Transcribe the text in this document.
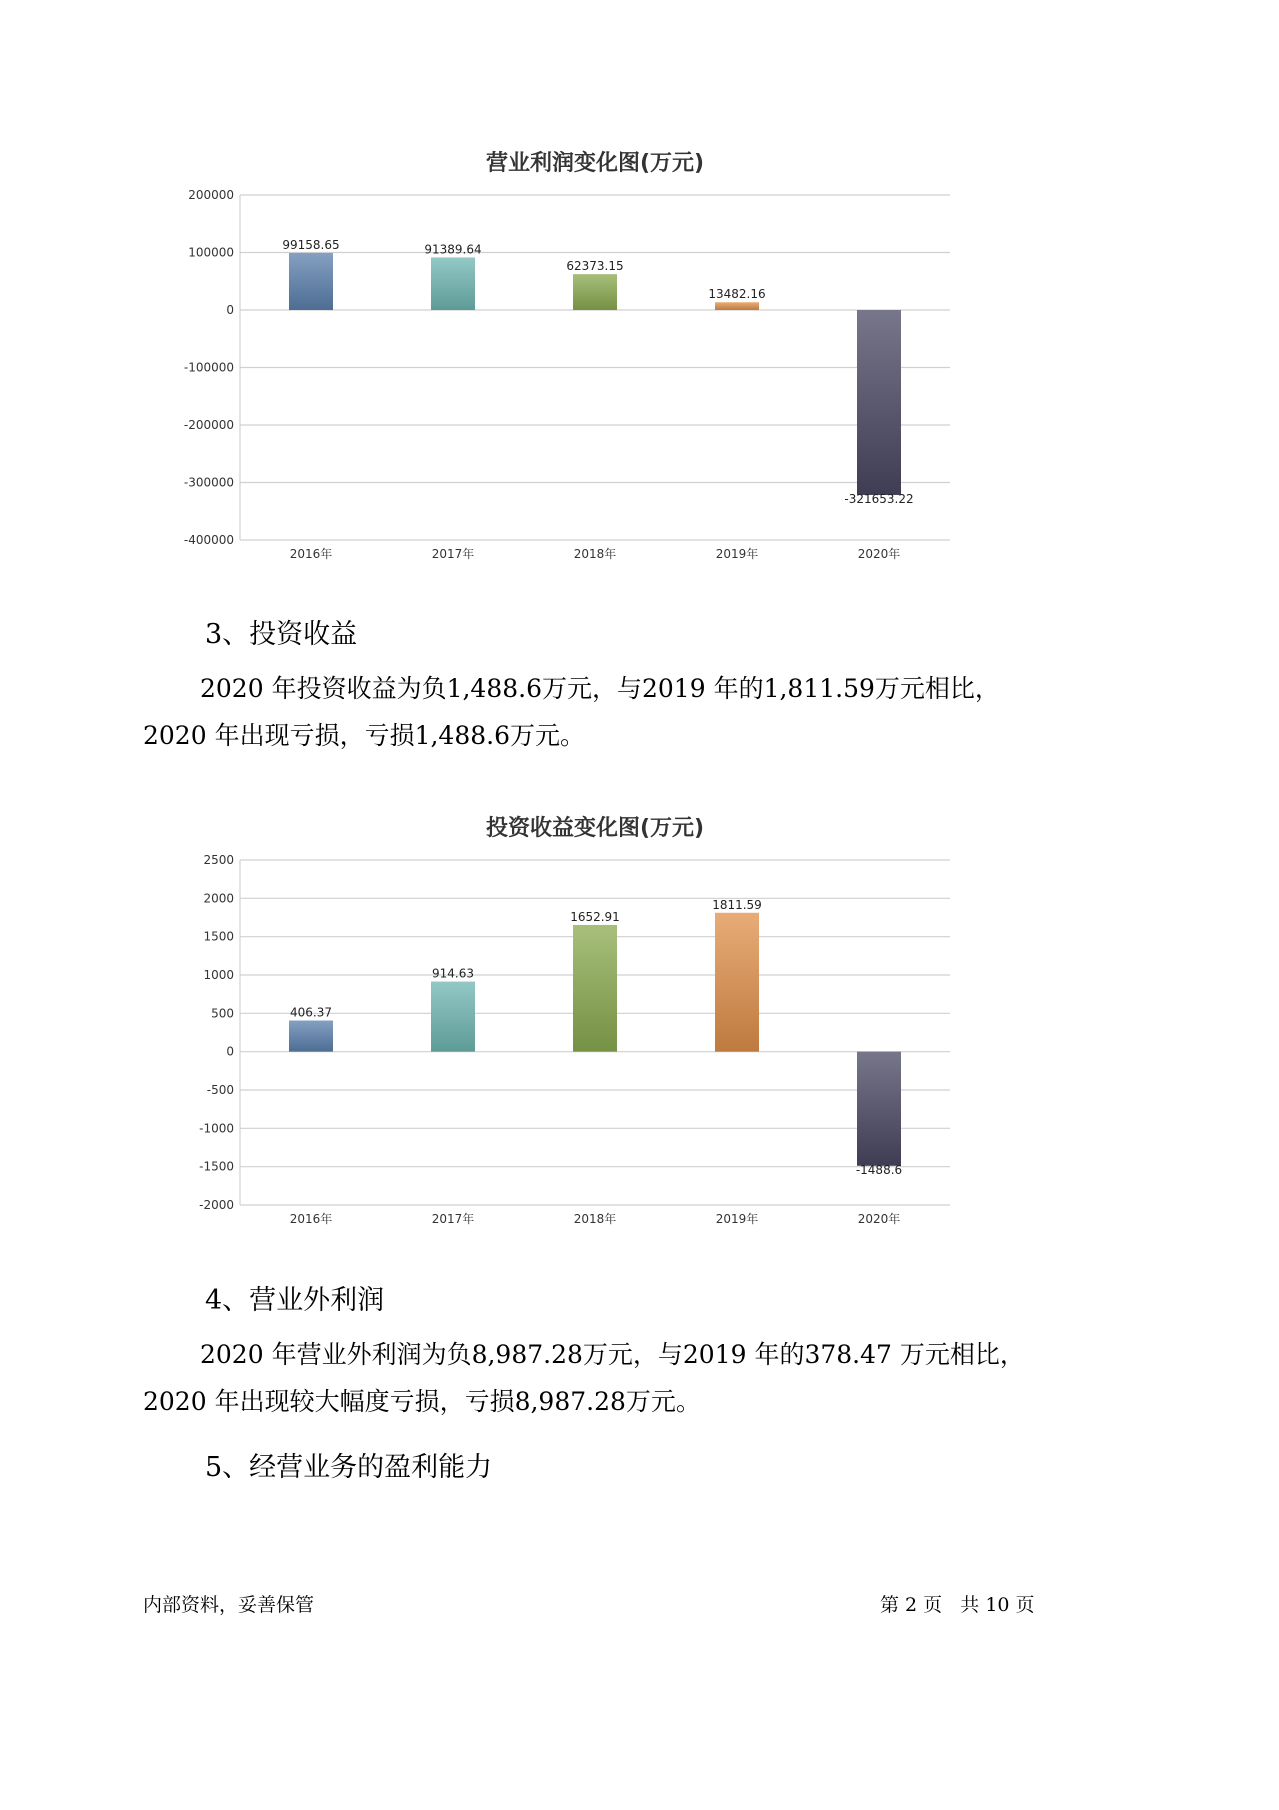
营业利润变化图(万元)
200000
100000
0
-100000
-200000
-300000
-400000
99158.65
2016年
91389.64
2017年
62373.15
2018年
13482.16
2019年
-321653.22
2020年
3、投资收益

2020 年投资收益为负1,488.6万元，与2019 年的1,811.59万元相比，

2020 年出现亏损，亏损1,488.6万元。

投资收益变化图(万元)
2500
2000
1500
1000
500
0
-500
-1000
-1500
-2000
406.37
2016年
914.63
2017年
1652.91
2018年
1811.59
2019年
-1488.6
2020年
4、营业外利润

2020 年营业外利润为负8,987.28万元，与2019 年的378.47 万元相比，

2020 年出现较大幅度亏损，亏损8,987.28万元。

5、经营业务的盈利能力
内部资料，妥善保管	第 2 页   共 10 页
